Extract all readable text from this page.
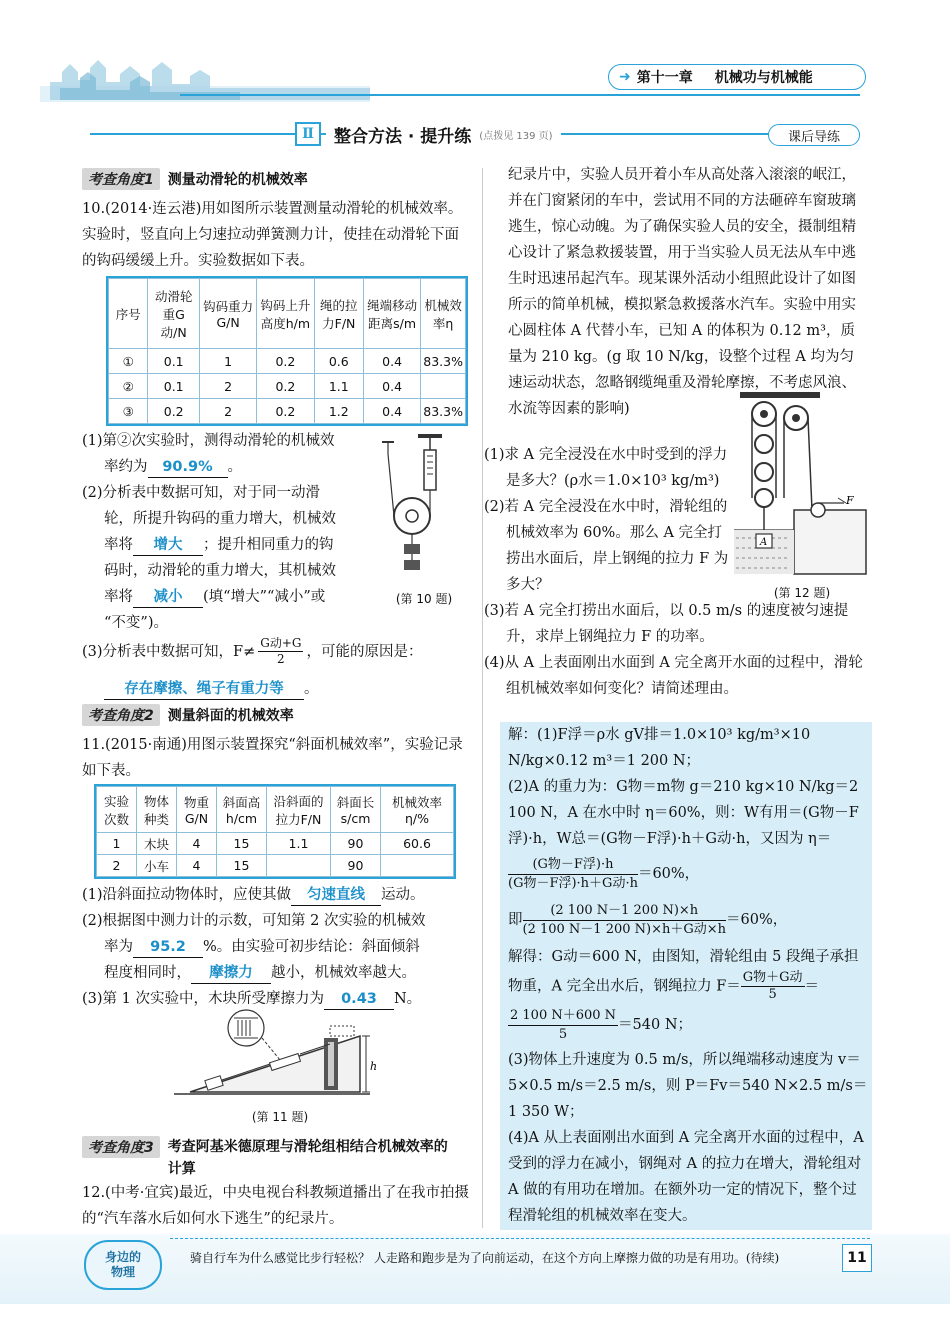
➜ 第十一章 机械功与机械能
Ⅱ 整合方法 · 提升练 (点拨见 139 页)	课后导练
考查角度1	测量动滑轮的机械效率
10.(2014·连云港)用如图所示装置测量动滑轮的机械效率。实验时，竖直向上匀速拉动弹簧测力计，使挂在动滑轮下面的钩码缓缓上升。实验数据如下表。
序号	动滑轮重G动/N	钩码重力G/N	钩码上升高度h/m	绳的拉力F/N	绳端移动距离s/m	机械效率η
①	0.1	1	0.2	0.6	0.4	83.3%
②	0.1	2	0.2	1.1	0.4	
③	0.2	2	0.2	1.2	0.4	83.3%
(1)第②次实验时，测得动滑轮的机械效
率约为 90.9% 。
(2)分析表中数据可知，对于同一动滑
轮，所提升钩码的重力增大，机械效
率将 增大 ；提升相同重力的钩
码时，动滑轮的重力增大，其机械效
率将 减小 (填“增大”“减小”或
“不变”)。
(第 10 题)
(3)分析表中数据可知，F≠
G动+G
2 ，可能的原因是：
存在摩擦、绳子有重力等 。
考查角度2	测量斜面的机械效率
11.(2015·南通)用图示装置探究“斜面机械效率”，实验记录如下表。
实验次数	物体种类	物重G/N	斜面高h/cm	沿斜面的拉力F/N	斜面长s/cm	机械效率η/%
1	木块	4	15	1.1	90	60.6
2	小车	4	15		90	
(1)沿斜面拉动物体时，应使其做 匀速直线 运动。
(2)根据图中测力计的示数，可知第 2 次实验的机械效
率为 95.2 %。由实验可初步结论：斜面倾斜
程度相同时， 摩擦力 越小，机械效率越大。
(3)第 1 次实验中，木块所受摩擦力为 0.43 N。
h
(第 11 题)
考查角度3	考查阿基米德原理与滑轮组相结合机械效率的计算
12.(中考·宜宾)最近，中央电视台科教频道播出了在我市拍摄的“汽车落水后如何水下逃生”的纪录片。
纪录片中，实验人员开着小车从高处落入滚滚的岷江，并在门窗紧闭的车中，尝试用不同的方法砸碎车窗玻璃逃生，惊心动魄。为了确保实验人员的安全，摄制组精心设计了紧急救援装置，用于当实验人员无法从车中逃生时迅速吊起汽车。现某课外活动小组照此设计了如图所示的简单机械，模拟紧急救援落水汽车。实验中用实心圆柱体 A 代替小车，已知 A 的体积为 0.12 m³，质量为 210 kg。(g 取 10 N/kg，设整个过程 A 均为匀速运动状态，忽略钢缆绳重及滑轮摩擦，不考虑风浪、水流等因素的影响)
(1)求 A 完全浸没在水中时受到的浮力是多大？(ρ水＝1.0×10³ kg/m³)
(2)若 A 完全浸没在水中时，滑轮组的机械效率为 60%。那么 A 完全打捞出水面后，岸上钢绳的拉力 F 为多大？
(3)若 A 完全打捞出水面后，以 0.5 m/s 的速度被匀速提升，求岸上钢绳拉力 F 的功率。
(4)从 A 上表面刚出水面到 A 完全离开水面的过程中，滑轮组机械效率如何变化？请简述理由。
A
F
(第 12 题)
解：(1)F浮＝ρ水 gV排＝1.0×10³ kg/m³×10 N/kg×0.12 m³＝1 200 N；
(2)A 的重力为：G物＝m物 g＝210 kg×10 N/kg＝2 100 N，A 在水中时 η＝60%，则：W有用＝(G物－F浮)·h，W总＝(G物－F浮)·h＋G动·h，又因为 η＝
(G物－F浮)·h
(G物－F浮)·h＋G动·h
＝60%，
即
(2 100 N－1 200 N)×h
(2 100 N－1 200 N)×h＋G动×h
＝60%，
解得：G动＝600 N，由图知，滑轮组由 5 段绳子承担物重，A 完全出水后，钢绳拉力 F＝
G物＋G动
5 ＝
$\frac{2 100 N+600 N}{5} =540$ N；
(3)物体上升速度为 0.5 m/s，所以绳端移动速度为 v＝5×0.5 m/s＝2.5 m/s，则 P＝Fv＝540 N×2.5 m/s＝1 350 W；
(4)A 从上表面刚出水面到 A 完全离开水面的过程中，A 受到的浮力在减小，钢绳对 A 的拉力在增大，滑轮组对 A 做的有用功在增加。在额外功一定的情况下，整个过程滑轮组的机械效率在变大。
身边的
物理
骑自行车为什么感觉比步行轻松？ 人走路和跑步是为了向前运动，在这个方向上摩擦力做的功是有用功。(待续)	11
